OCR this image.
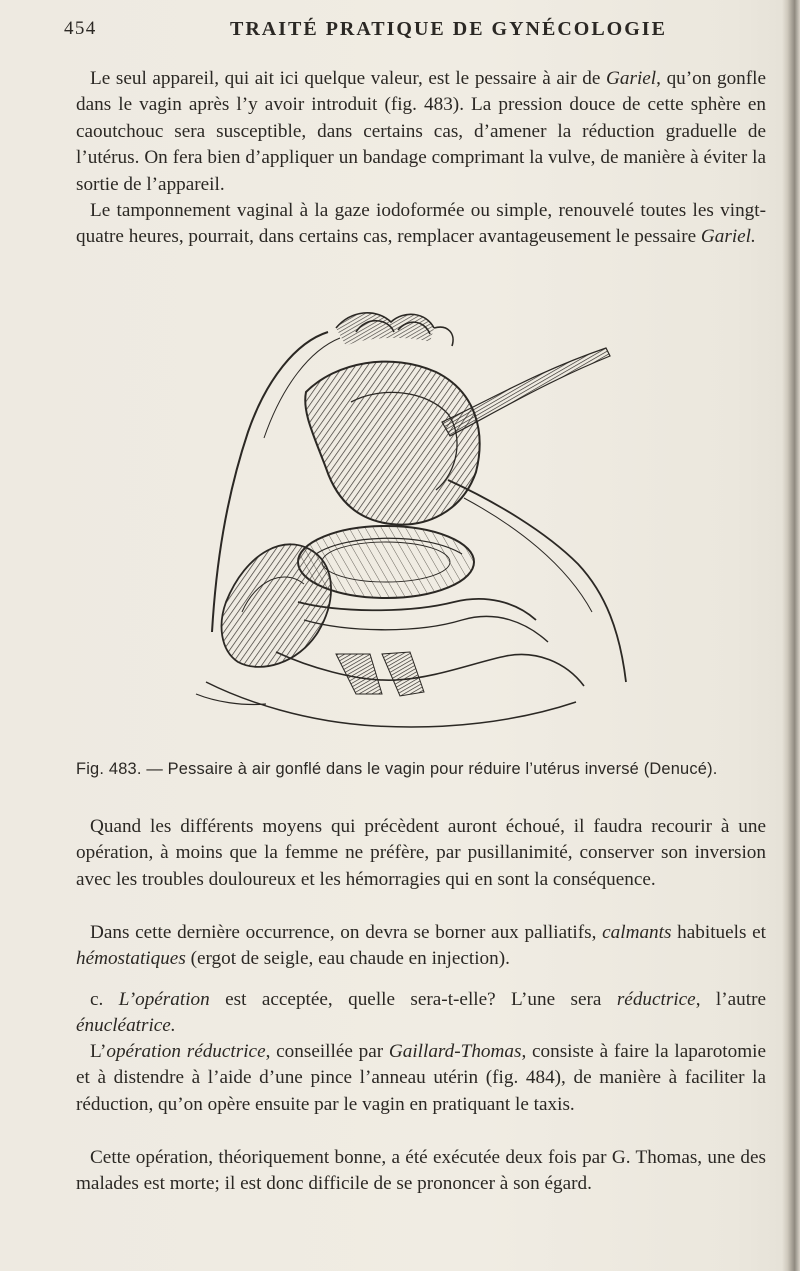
454	TRAITÉ PRATIQUE DE GYNÉCOLOGIE

Le seul appareil, qui ait ici quelque valeur, est le pessaire à air de Gariel, qu’on gonfle dans le vagin après l’y avoir introduit (fig. 483). La pression douce de cette sphère en caoutchouc sera susceptible, dans certains cas, d’amener la réduction graduelle de l’utérus. On fera bien d’appliquer un bandage comprimant la vulve, de manière à éviter la sortie de l’appareil.

Le tamponnement vaginal à la gaze iodoformée ou simple, renouvelé toutes les vingt-quatre heures, pourrait, dans certains cas, remplacer avantageusement le pessaire Gariel.

Fig. 483. — Pessaire à air gonflé dans le vagin pour réduire l’utérus inversé (Denucé).

Quand les différents moyens qui précèdent auront échoué, il faudra recourir à une opération, à moins que la femme ne préfère, par pusillanimité, conserver son inversion avec les troubles douloureux et les hémorragies qui en sont la conséquence.

Dans cette dernière occurrence, on devra se borner aux palliatifs, calmants habituels et hémostatiques (ergot de seigle, eau chaude en injection).

c. L’opération est acceptée, quelle sera-t-elle? L’une sera réductrice, l’autre énucléatrice.

L’opération réductrice, conseillée par Gaillard-Thomas, consiste à faire la laparotomie et à distendre à l’aide d’une pince l’anneau utérin (fig. 484), de manière à faciliter la réduction, qu’on opère ensuite par le vagin en pratiquant le taxis.

Cette opération, théoriquement bonne, a été exécutée deux fois par G. Thomas, une des malades est morte; il est donc difficile de se prononcer à son égard.
